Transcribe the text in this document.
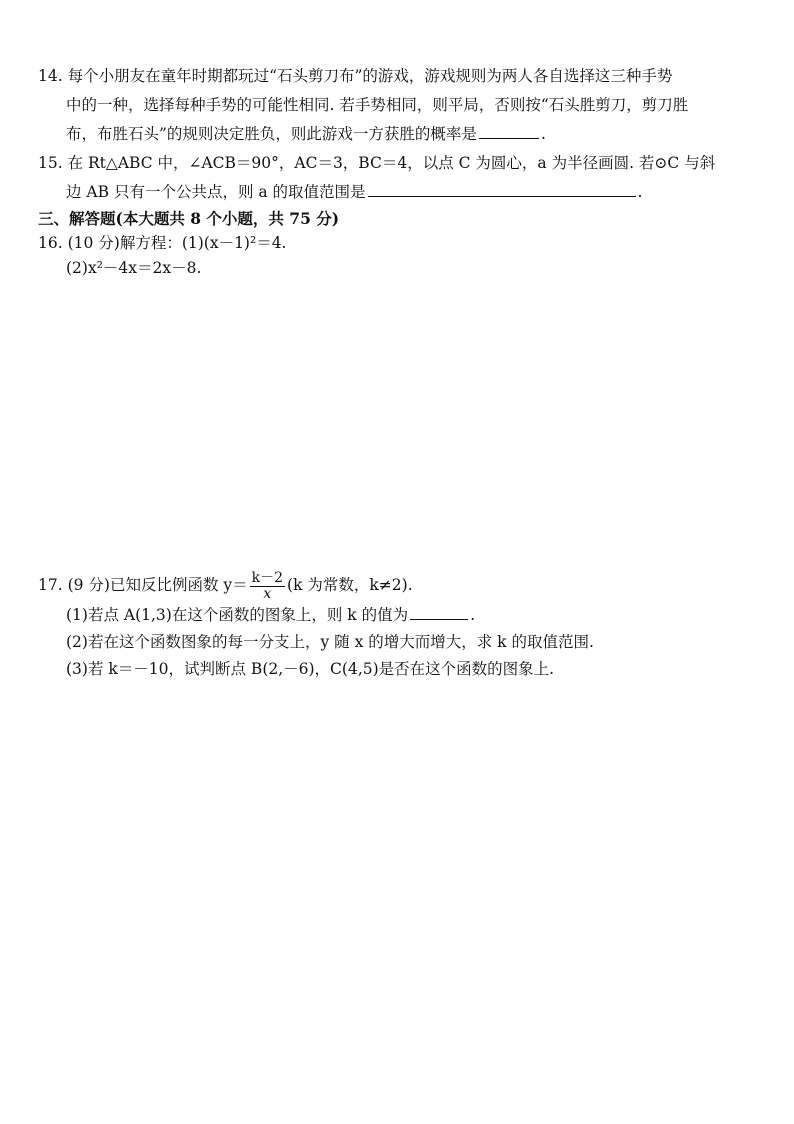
14. 每个小朋友在童年时期都玩过“石头剪刀布”的游戏，游戏规则为两人各自选择这三种手势
中的一种，选择每种手势的可能性相同. 若手势相同，则平局，否则按“石头胜剪刀，剪刀胜
布，布胜石头”的规则决定胜负，则此游戏一方获胜的概率是	.
15. 在 Rt△ABC 中，∠ACB＝90°，AC＝3，BC＝4，以点 C 为圆心，a 为半径画圆. 若⊙C 与斜
边 AB 只有一个公共点，则 a 的取值范围是	.
三、解答题(本大题共 8 个小题，共 75 分)
16. (10 分)解方程：(1)(x－1)²＝4.
(2)x²－4x＝2x－8.
17. (9 分)已知反比例函数 $y= \frac{k-2}{x} (k$ 为常数，k≠2).
(1)若点 A(1,3)在这个函数的图象上，则 k 的值为	.
(2)若在这个函数图象的每一分支上，y 随 x 的增大而增大，求 k 的取值范围.
(3)若 k＝－10，试判断点 B(2,－6)，C(4,5)是否在这个函数的图象上.
